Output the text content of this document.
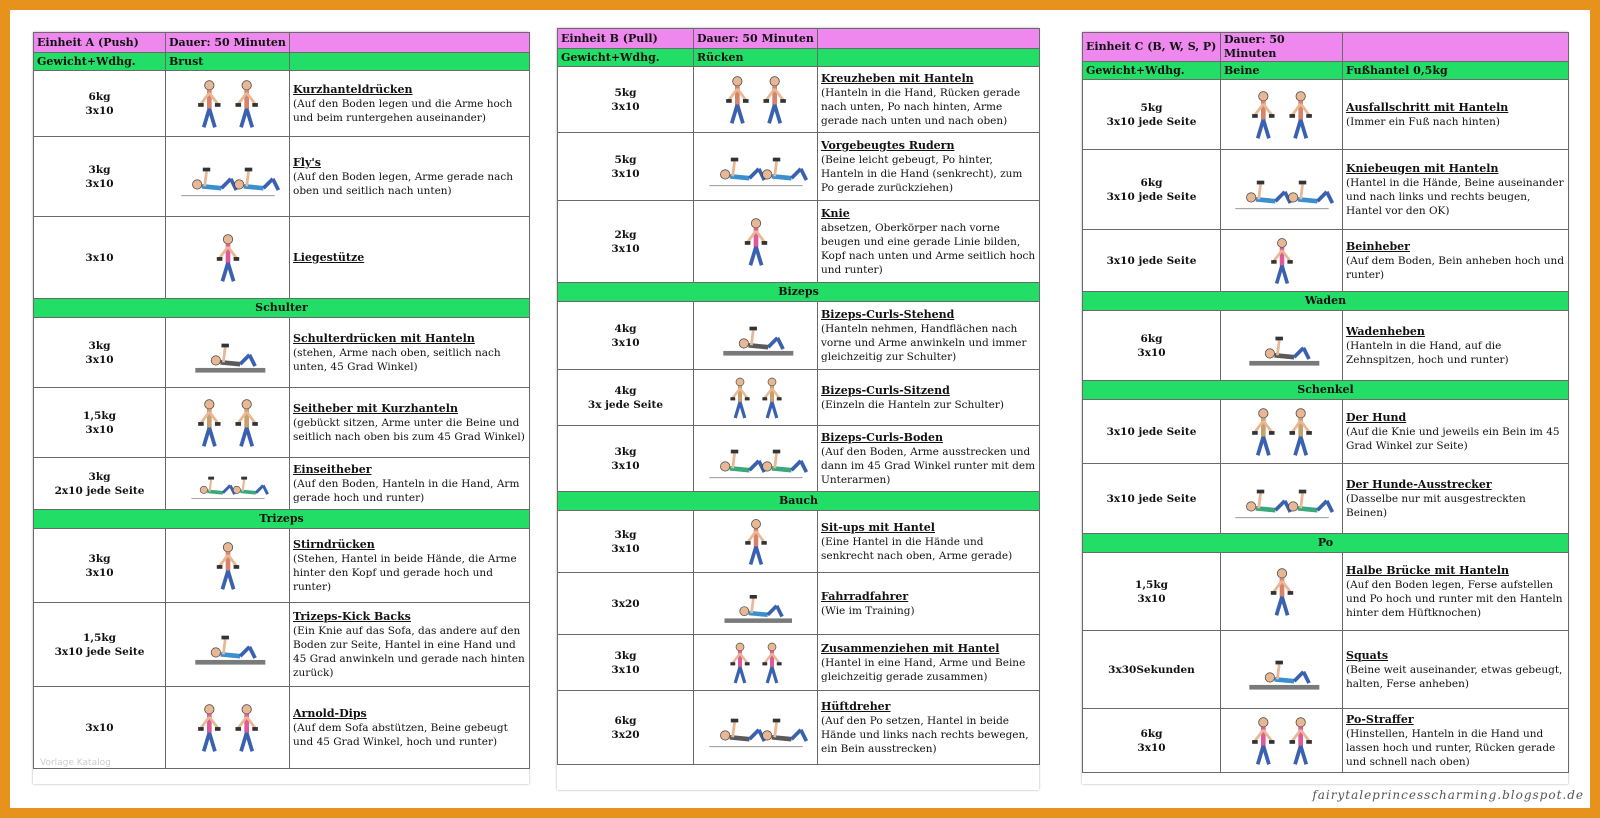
Einheit A (Push)	Dauer: 50 Minuten	
Gewicht+Wdhg.	Brust	
6kg
3x10		Kurzhanteldrücken
(Auf den Boden legen und die Arme hoch und beim runtergehen auseinander)

3kg
3x10		Fly's
(Auf den Boden legen, Arme gerade nach oben und seitlich nach unten)

3x10		Liegestütze

Schulter		
3kg
3x10		Schulterdrücken mit Hanteln
(stehen, Arme nach oben, seitlich nach unten, 45 Grad Winkel)

1,5kg
3x10		Seitheber mit Kurzhanteln
(gebückt sitzen, Arme unter die Beine und seitlich nach oben bis zum 45 Grad Winkel)

3kg
2x10 jede Seite		Einseitheber
(Auf den Boden, Hanteln in die Hand, Arm gerade hoch und runter)

Trizeps		
3kg
3x10		Stirndrücken
(Stehen, Hantel in beide Hände, die Arme hinter den Kopf und gerade hoch und runter)

1,5kg
3x10 jede Seite		Trizeps-Kick Backs
(Ein Knie auf das Sofa, das andere auf den Boden zur Seite, Hantel in eine Hand und 45 Grad anwinkeln und gerade nach hinten zurück)

3x10		Arnold-Dips
(Auf dem Sofa abstützen, Beine gebeugt und 45 Grad Winkel, hoch und runter)
Einheit B (Pull)	Dauer: 50 Minuten	
Gewicht+Wdhg.	Rücken	
5kg
3x10		Kreuzheben mit Hanteln
(Hanteln in die Hand, Rücken gerade nach unten, Po nach hinten, Arme gerade nach unten und nach oben)

5kg
3x10		Vorgebeugtes Rudern
(Beine leicht gebeugt, Po hinter, Hanteln in die Hand (senkrecht), zum Po gerade zurückziehen)

2kg
3x10		Knie
absetzen, Oberkörper nach vorne beugen und eine gerade Linie bilden, Kopf nach unten und Arme seitlich hoch und runter)

Bizeps		
4kg
3x10		Bizeps-Curls-Stehend
(Hanteln nehmen, Handflächen nach vorne und Arme anwinkeln und immer gleichzeitig zur Schulter)

4kg
3x jede Seite		Bizeps-Curls-Sitzend
(Einzeln die Hanteln zur Schulter)

3kg
3x10		Bizeps-Curls-Boden
(Auf den Boden, Arme ausstrecken und dann im 45 Grad Winkel runter mit dem Unterarmen)

Bauch		
3kg
3x10		Sit-ups mit Hantel
(Eine Hantel in die Hände und senkrecht nach oben, Arme gerade)

3x20		Fahrradfahrer
(Wie im Training)

3kg
3x10		Zusammenziehen mit Hantel
(Hantel in eine Hand, Arme und Beine gleichzeitig gerade zusammen)

6kg
3x20		Hüftdreher
(Auf den Po setzen, Hantel in beide Hände und links nach rechts bewegen, ein Bein ausstrecken)
Einheit C (B, W, S, P)	Dauer: 50 Minuten	
Gewicht+Wdhg.	Beine	Fußhantel 0,5kg
5kg
3x10 jede Seite		Ausfallschritt mit Hanteln
(Immer ein Fuß nach hinten)

6kg
3x10 jede Seite		Kniebeugen mit Hanteln
(Hantel in die Hände, Beine auseinander und nach links und rechts beugen, Hantel vor den OK)

3x10 jede Seite		Beinheber
(Auf dem Boden, Bein anheben hoch und runter)

Waden		
6kg
3x10		Wadenheben
(Hanteln in die Hand, auf die Zehnspitzen, hoch und runter)

Schenkel		
3x10 jede Seite		Der Hund
(Auf die Knie und jeweils ein Bein im 45 Grad Winkel zur Seite)

3x10 jede Seite		Der Hunde-Ausstrecker
(Dasselbe nur mit ausgestreckten Beinen)

Po		
1,5kg
3x10		Halbe Brücke mit Hanteln
(Auf den Boden legen, Ferse aufstellen und Po hoch und runter mit den Hanteln hinter dem Hüftknochen)

3x30Sekunden		Squats
(Beine weit auseinander, etwas gebeugt, halten, Ferse anheben)

6kg
3x10		Po-Straffer
(Hinstellen, Hanteln in die Hand und lassen hoch und runter, Rücken gerade und schnell nach oben)
Vorlage Katalog
fairytaleprincesscharming.blogspot.de
